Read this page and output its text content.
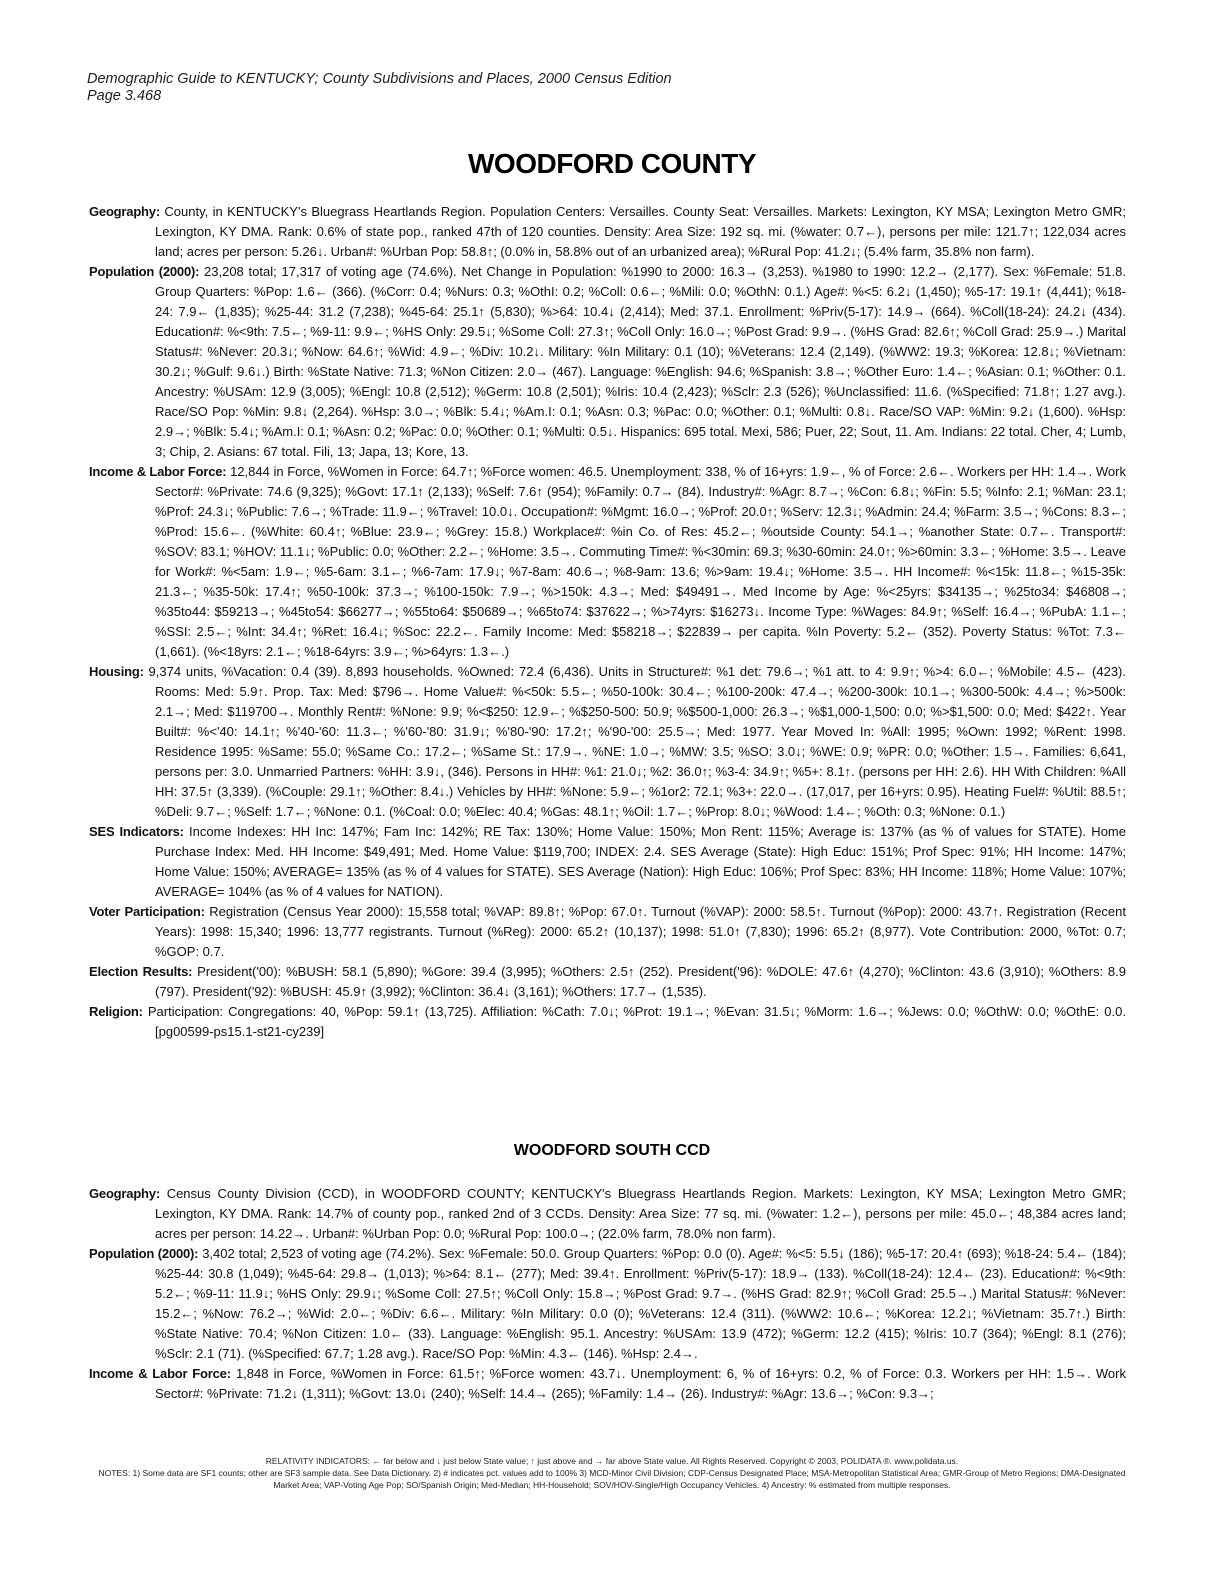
Demographic Guide to KENTUCKY; County Subdivisions and Places, 2000 Census Edition
Page 3.468
WOODFORD COUNTY
Geography: County, in KENTUCKY's Bluegrass Heartlands Region. Population Centers: Versailles. County Seat: Versailles. Markets: Lexington, KY MSA; Lexington Metro GMR; Lexington, KY DMA. Rank: 0.6% of state pop., ranked 47th of 120 counties. Density: Area Size: 192 sq. mi. (%water: 0.7←), persons per mile: 121.7↑; 122,034 acres land; acres per person: 5.26↓. Urban#: %Urban Pop: 58.8↑; (0.0% in, 58.8% out of an urbanized area); %Rural Pop: 41.2↓; (5.4% farm, 35.8% non farm).
Population (2000): 23,208 total; 17,317 of voting age (74.6%). Net Change in Population: %1990 to 2000: 16.3→ (3,253). %1980 to 1990: 12.2→ (2,177). Sex: %Female: 51.8. Group Quarters: %Pop: 1.6← (366). (%Corr: 0.4; %Nurs: 0.3; %OthI: 0.2; %Coll: 0.6←; %Mili: 0.0; %OthN: 0.1.) Age#: %<5: 6.2↓ (1,450); %5-17: 19.1↑ (4,441); %18-24: 7.9← (1,835); %25-44: 31.2 (7,238); %45-64: 25.1↑ (5,830); %>64: 10.4↓ (2,414); Med: 37.1. Enrollment: %Priv(5-17): 14.9→ (664). %Coll(18-24): 24.2↓ (434). Education#: %<9th: 7.5←; %9-11: 9.9←; %HS Only: 29.5↓; %Some Coll: 27.3↑; %Coll Only: 16.0→; %Post Grad: 9.9→. (%HS Grad: 82.6↑; %Coll Grad: 25.9→.) Marital Status#: %Never: 20.3↓; %Now: 64.6↑; %Wid: 4.9←; %Div: 10.2↓. Military: %In Military: 0.1 (10); %Veterans: 12.4 (2,149). (%WW2: 19.3; %Korea: 12.8↓; %Vietnam: 30.2↓; %Gulf: 9.6↓.) Birth: %State Native: 71.3; %Non Citizen: 2.0→ (467). Language: %English: 94.6; %Spanish: 3.8→; %Other Euro: 1.4←; %Asian: 0.1; %Other: 0.1. Ancestry: %USAm: 12.9 (3,005); %Engl: 10.8 (2,512); %Germ: 10.8 (2,501); %Iris: 10.4 (2,423); %Sclr: 2.3 (526); %Unclassified: 11.6. (%Specified: 71.8↑; 1.27 avg.). Race/SO Pop: %Min: 9.8↓ (2,264). %Hsp: 3.0→; %Blk: 5.4↓; %Am.I: 0.1; %Asn: 0.3; %Pac: 0.0; %Other: 0.1; %Multi: 0.8↓. Race/SO VAP: %Min: 9.2↓ (1,600). %Hsp: 2.9→; %Blk: 5.4↓; %Am.I: 0.1; %Asn: 0.2; %Pac: 0.0; %Other: 0.1; %Multi: 0.5↓. Hispanics: 695 total. Mexi, 586; Puer, 22; Sout, 11. Am. Indians: 22 total. Cher, 4; Lumb, 3; Chip, 2. Asians: 67 total. Fili, 13; Japa, 13; Kore, 13.
Income & Labor Force: 12,844 in Force, %Women in Force: 64.7↑; %Force women: 46.5. Unemployment: 338, % of 16+yrs: 1.9←, % of Force: 2.6←. Workers per HH: 1.4→. Work Sector#: %Private: 74.6 (9,325); %Govt: 17.1↑ (2,133); %Self: 7.6↑ (954); %Family: 0.7→ (84). Industry#: %Agr: 8.7→; %Con: 6.8↓; %Fin: 5.5; %Info: 2.1; %Man: 23.1; %Prof: 24.3↓; %Public: 7.6→; %Trade: 11.9←; %Travel: 10.0↓. Occupation#: %Mgmt: 16.0→; %Prof: 20.0↑; %Serv: 12.3↓; %Admin: 24.4; %Farm: 3.5→; %Cons: 8.3←; %Prod: 15.6←. (%White: 60.4↑; %Blue: 23.9←; %Grey: 15.8.) Workplace#: %in Co. of Res: 45.2←; %outside County: 54.1→; %another State: 0.7←. Transport#: %SOV: 83.1; %HOV: 11.1↓; %Public: 0.0; %Other: 2.2←; %Home: 3.5→. Commuting Time#: %<30min: 69.3; %30-60min: 24.0↑; %>60min: 3.3←; %Home: 3.5→. Leave for Work#: %<5am: 1.9←; %5-6am: 3.1←; %6-7am: 17.9↓; %7-8am: 40.6→; %8-9am: 13.6; %>9am: 19.4↓; %Home: 3.5→. HH Income#: %<15k: 11.8←; %15-35k: 21.3←; %35-50k: 17.4↑; %50-100k: 37.3→; %100-150k: 7.9→; %>150k: 4.3→; Med: $49491→. Med Income by Age: %<25yrs: $34135→; %25to34: $46808→; %35to44: $59213→; %45to54: $66277→; %55to64: $50689→; %65to74: $37622→; %>74yrs: $16273↓. Income Type: %Wages: 84.9↑; %Self: 16.4→; %PubA: 1.1←; %SSI: 2.5←; %Int: 34.4↑; %Ret: 16.4↓; %Soc: 22.2←. Family Income: Med: $58218→; $22839→ per capita. %In Poverty: 5.2← (352). Poverty Status: %Tot: 7.3← (1,661). (%<18yrs: 2.1←; %18-64yrs: 3.9←; %>64yrs: 1.3←.)
Housing: 9,374 units, %Vacation: 0.4 (39). 8,893 households. %Owned: 72.4 (6,436). Units in Structure#: %1 det: 79.6→; %1 att. to 4: 9.9↑; %>4: 6.0←; %Mobile: 4.5← (423). Rooms: Med: 5.9↑. Prop. Tax: Med: $796→. Home Value#: %<50k: 5.5←; %50-100k: 30.4←; %100-200k: 47.4→; %200-300k: 10.1→; %300-500k: 4.4→; %>500k: 2.1→; Med: $119700→. Monthly Rent#: %None: 9.9; %<$250: 12.9←; %$250-500: 50.9; %$500-1,000: 26.3→; %$1,000-1,500: 0.0; %>$1,500: 0.0; Med: $422↑. Year Built#: %<'40: 14.1↑; %'40-'60: 11.3←; %'60-'80: 31.9↓; %'80-'90: 17.2↑; %'90-'00: 25.5→; Med: 1977. Year Moved In: %All: 1995; %Own: 1992; %Rent: 1998. Residence 1995: %Same: 55.0; %Same Co.: 17.2←; %Same St.: 17.9→. %NE: 1.0→; %MW: 3.5; %SO: 3.0↓; %WE: 0.9; %PR: 0.0; %Other: 1.5→. Families: 6,641, persons per: 3.0. Unmarried Partners: %HH: 3.9↓, (346). Persons in HH#: %1: 21.0↓; %2: 36.0↑; %3-4: 34.9↑; %5+: 8.1↑. (persons per HH: 2.6). HH With Children: %All HH: 37.5↑ (3,339). (%Couple: 29.1↑; %Other: 8.4↓.) Vehicles by HH#: %None: 5.9←; %1or2: 72.1; %3+: 22.0→. (17,017, per 16+yrs: 0.95). Heating Fuel#: %Util: 88.5↑; %Deli: 9.7←; %Self: 1.7←; %None: 0.1. (%Coal: 0.0; %Elec: 40.4; %Gas: 48.1↑; %Oil: 1.7←; %Prop: 8.0↓; %Wood: 1.4←; %Oth: 0.3; %None: 0.1.)
SES Indicators: Income Indexes: HH Inc: 147%; Fam Inc: 142%; RE Tax: 130%; Home Value: 150%; Mon Rent: 115%; Average is: 137% (as % of values for STATE). Home Purchase Index: Med. HH Income: $49,491; Med. Home Value: $119,700; INDEX: 2.4. SES Average (State): High Educ: 151%; Prof Spec: 91%; HH Income: 147%; Home Value: 150%; AVERAGE= 135% (as % of 4 values for STATE). SES Average (Nation): High Educ: 106%; Prof Spec: 83%; HH Income: 118%; Home Value: 107%; AVERAGE= 104% (as % of 4 values for NATION).
Voter Participation: Registration (Census Year 2000): 15,558 total; %VAP: 89.8↑; %Pop: 67.0↑. Turnout (%VAP): 2000: 58.5↑. Turnout (%Pop): 2000: 43.7↑. Registration (Recent Years): 1998: 15,340; 1996: 13,777 registrants. Turnout (%Reg): 2000: 65.2↑ (10,137); 1998: 51.0↑ (7,830); 1996: 65.2↑ (8,977). Vote Contribution: 2000, %Tot: 0.7; %GOP: 0.7.
Election Results: President('00): %BUSH: 58.1 (5,890); %Gore: 39.4 (3,995); %Others: 2.5↑ (252). President('96): %DOLE: 47.6↑ (4,270); %Clinton: 43.6 (3,910); %Others: 8.9 (797). President('92): %BUSH: 45.9↑ (3,992); %Clinton: 36.4↓ (3,161); %Others: 17.7→ (1,535).
Religion: Participation: Congregations: 40, %Pop: 59.1↑ (13,725). Affiliation: %Cath: 7.0↓; %Prot: 19.1→; %Evan: 31.5↓; %Morm: 1.6→; %Jews: 0.0; %OthW: 0.0; %OthE: 0.0. [pg00599-ps15.1-st21-cy239]
WOODFORD SOUTH CCD
Geography: Census County Division (CCD), in WOODFORD COUNTY; KENTUCKY's Bluegrass Heartlands Region. Markets: Lexington, KY MSA; Lexington Metro GMR; Lexington, KY DMA. Rank: 14.7% of county pop., ranked 2nd of 3 CCDs. Density: Area Size: 77 sq. mi. (%water: 1.2←), persons per mile: 45.0←; 48,384 acres land; acres per person: 14.22→. Urban#: %Urban Pop: 0.0; %Rural Pop: 100.0→; (22.0% farm, 78.0% non farm).
Population (2000): 3,402 total; 2,523 of voting age (74.2%). Sex: %Female: 50.0. Group Quarters: %Pop: 0.0 (0). Age#: %<5: 5.5↓ (186); %5-17: 20.4↑ (693); %18-24: 5.4← (184); %25-44: 30.8 (1,049); %45-64: 29.8→ (1,013); %>64: 8.1← (277); Med: 39.4↑. Enrollment: %Priv(5-17): 18.9→ (133). %Coll(18-24): 12.4← (23). Education#: %<9th: 5.2←; %9-11: 11.9↓; %HS Only: 29.9↓; %Some Coll: 27.5↑; %Coll Only: 15.8→; %Post Grad: 9.7→. (%HS Grad: 82.9↑; %Coll Grad: 25.5→.) Marital Status#: %Never: 15.2←; %Now: 76.2→; %Wid: 2.0←; %Div: 6.6←. Military: %In Military: 0.0 (0); %Veterans: 12.4 (311). (%WW2: 10.6←; %Korea: 12.2↓; %Vietnam: 35.7↑.) Birth: %State Native: 70.4; %Non Citizen: 1.0← (33). Language: %English: 95.1. Ancestry: %USAm: 13.9 (472); %Germ: 12.2 (415); %Iris: 10.7 (364); %Engl: 8.1 (276); %Sclr: 2.1 (71). (%Specified: 67.7; 1.28 avg.). Race/SO Pop: %Min: 4.3← (146). %Hsp: 2.4→.
Income & Labor Force: 1,848 in Force, %Women in Force: 61.5↑; %Force women: 43.7↓. Unemployment: 6, % of 16+yrs: 0.2, % of Force: 0.3. Workers per HH: 1.5→. Work Sector#: %Private: 71.2↓ (1,311); %Govt: 13.0↓ (240); %Self: 14.4→ (265); %Family: 1.4→ (26). Industry#: %Agr: 13.6→; %Con: 9.3→;
RELATIVITY INDICATORS: ← far below and ↓ just below State value; ↑ just above and → far above State value. All Rights Reserved. Copyright © 2003, POLIDATA ®. www.polidata.us.
NOTES: 1) Some data are SF1 counts; other are SF3 sample data. See Data Dictionary. 2) # indicates pct. values add to 100% 3) MCD-Minor Civil Division; CDP-Census Designated Place; MSA-Metropolitan Statistical Area; GMR-Group of Metro Regions; DMA-Designated Market Area; VAP-Voting Age Pop; SO/Spanish Origin; Med-Median; HH-Household; SOV/HOV-Single/High Occupancy Vehicles. 4) Ancestry: % estimated from multiple responses.
